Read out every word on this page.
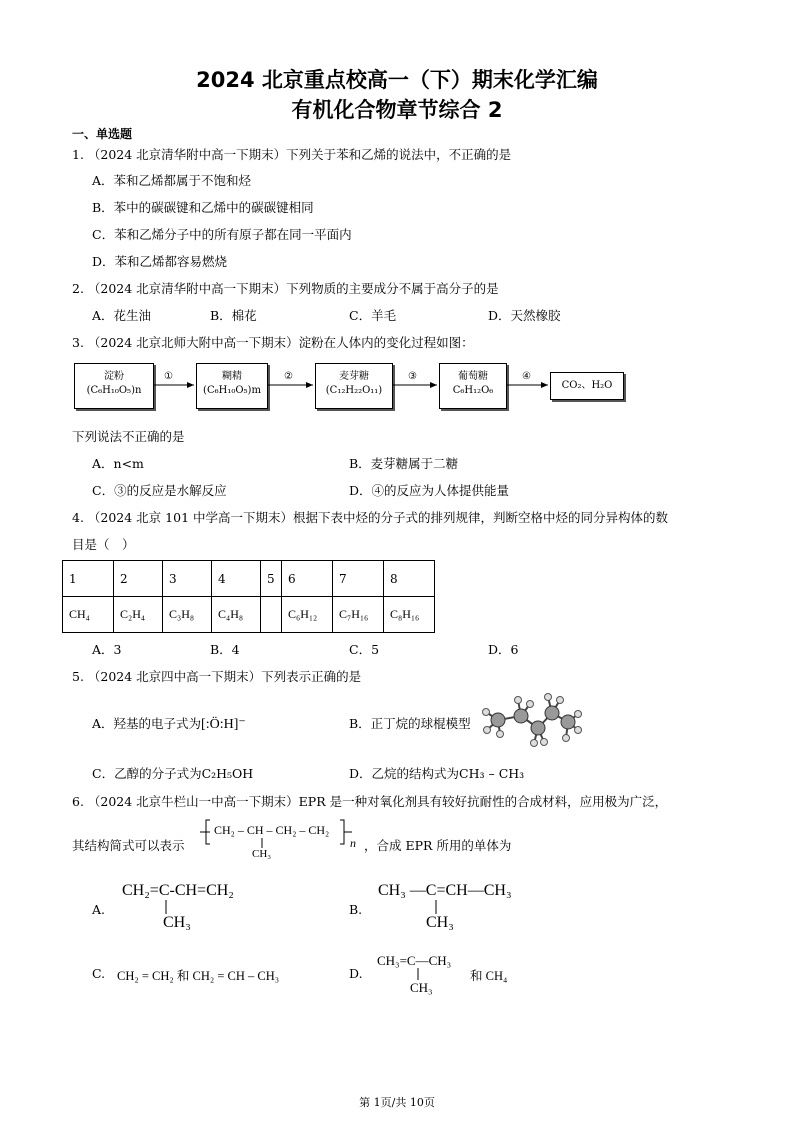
2024 北京重点校高一（下）期末化学汇编
有机化合物章节综合 2
一、单选题
1. （2024 北京清华附中高一下期末）下列关于苯和乙烯的说法中，不正确的是
A．苯和乙烯都属于不饱和烃
B．苯中的碳碳键和乙烯中的碳碳键相同
C．苯和乙烯分子中的所有原子都在同一平面内
D．苯和乙烯都容易燃烧
2. （2024 北京清华附中高一下期末）下列物质的主要成分不属于高分子的是
A．花生油	B．棉花	C．羊毛	D．天然橡胶
3. （2024 北京北师大附中高一下期末）淀粉在人体内的变化过程如图：
淀粉
(C₆H₁₀O₅)n
糊精
(C₆H₁₀O₅)m
麦芽糖
(C₁₂H₂₂O₁₁)
葡萄糖
C₆H₁₂O₆	CO₂、H₂O
①	②	③	④
下列说法不正确的是
A．n<m	B．麦芽糖属于二糖
C．③的反应是水解反应	D．④的反应为人体提供能量
4. （2024 北京 101 中学高一下期末）根据下表中烃的分子式的排列规律，判断空格中烃的同分异构体的数
目是（　）
1	2	3	4	5	6	7	8
CH₄	C₂H₄	C₃H₈	C₄H₈		C₆H₁₂	C₇H₁₆	C₈H₁₆
A．3	B．4	C．5	D．6
5. （2024 北京四中高一下期末）下列表示正确的是
A．羟基的电子式为[:Ö:H]⁻	B．正丁烷的球棍模型
C．乙醇的分子式为C₂H₅OH	D．乙烷的结构式为CH₃ – CH₃
6. （2024 北京牛栏山一中高一下期末）EPR 是一种对氧化剂具有较好抗耐性的合成材料，应用极为广泛，
其结构简式可以表示
CH₂ – CH – CH₂ – CH₂
CH₃
n ，合成 EPR 所用的单体为
A.
CH₂=C-CH=CH₂
CH₃
B.
CH₃ —C=CH—CH₃
CH₃
C. CH₂ = CH₂ 和 CH₂ = CH – CH₃	D.
CH₃=C—CH₃
CH₃
和 CH₄
第 1页/共 10页
